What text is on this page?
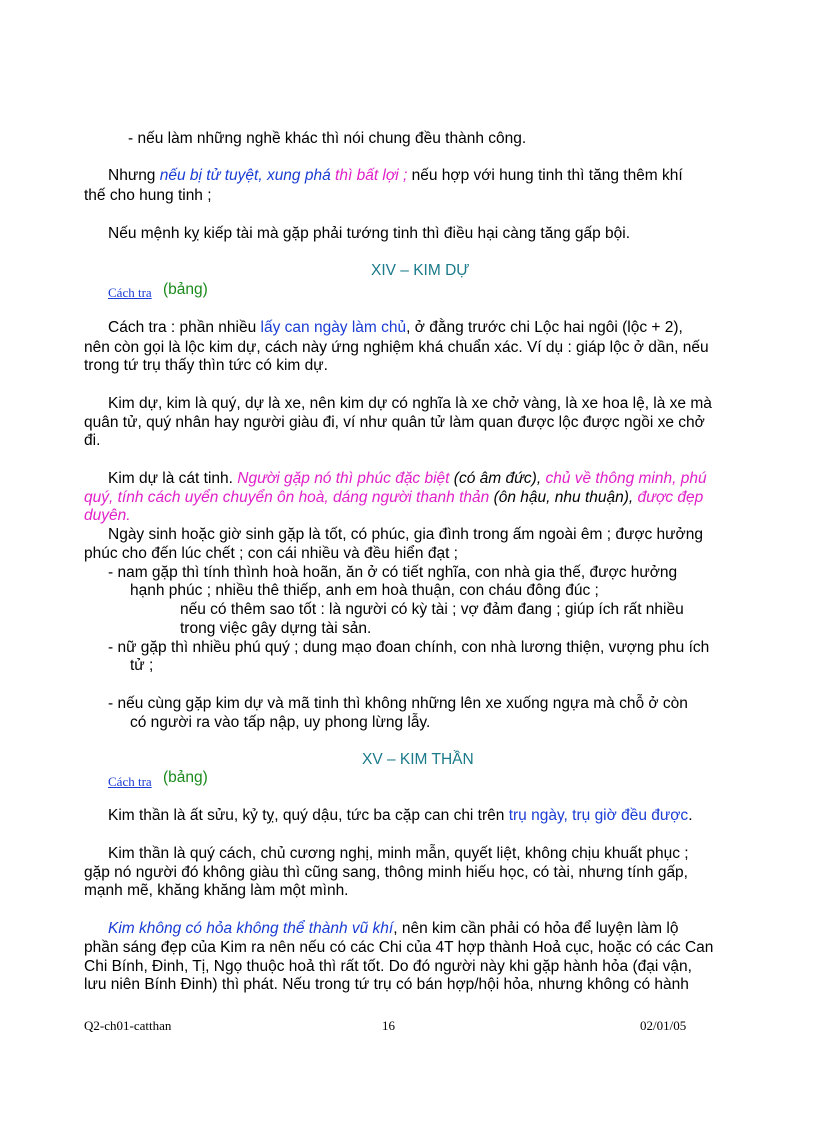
- nếu làm những nghề khác thì nói chung đều thành công.
Nhưng nếu bị tử tuyệt, xung phá thì bất lợi ; nếu hợp với hung tinh thì tăng thêm khí
thế cho hung tinh ;
Nếu mệnh kỵ kiếp tài mà gặp phải tướng tinh thì điều hại càng tăng gấp bội.
XIV – KIM DỰ
Cách tra (bảng)
Cách tra : phần nhiều lấy can ngày làm chủ, ở đằng trước chi Lộc hai ngôi (lộc + 2),
nên còn gọi là lộc kim dự, cách này ứng nghiệm khá chuẩn xác. Ví dụ : giáp lộc ở dần, nếu
trong tứ trụ thấy thìn tức có kim dự.
Kim dự, kim là quý, dự là xe, nên kim dự có nghĩa là xe chở vàng, là xe hoa lệ, là xe mà
quân tử, quý nhân hay người giàu đi, ví như quân tử làm quan được lộc được ngồi xe chở
đi.
Kim dự là cát tinh. Người gặp nó thì phúc đặc biệt (có âm đức), chủ về thông minh, phú
quý, tính cách uyển chuyển ôn hoà, dáng người thanh thản (ôn hậu, nhu thuận), được đẹp
duyên.
Ngày sinh hoặc giờ sinh gặp là tốt, có phúc, gia đình trong ấm ngoài êm ; được hưởng
phúc cho đến lúc chết ; con cái nhiều và đều hiển đạt ;
- nam gặp thì tính thình hoà hoãn, ăn ở có tiết nghĩa, con nhà gia thế, được hưởng
hạnh phúc ; nhiều thê thiếp, anh em hoà thuận, con cháu đông đúc ;
nếu có thêm sao tốt : là người có kỳ tài ; vợ đảm đang ; giúp ích rất nhiều
trong việc gây dựng tài sản.
- nữ gặp thì nhiều phú quý ; dung mạo đoan chính, con nhà lương thiện, vượng phu ích
tử ;
- nếu cùng gặp kim dự và mã tinh thì không những lên xe xuống ngựa mà chỗ ở còn
có người ra vào tấp nập, uy phong lừng lẫy.
XV – KIM THẦN
Cách tra (bảng)
Kim thần là ất sửu, kỷ tỵ, quý dậu, tức ba cặp can chi trên trụ ngày, trụ giờ đều được.
Kim thần là quý cách, chủ cương nghị, minh mẫn, quyết liệt, không chịu khuất phục ;
gặp nó người đó không giàu thì cũng sang, thông minh hiếu học, có tài, nhưng tính gấp,
mạnh mẽ, khăng khăng làm một mình.
Kim không có hỏa không thể thành vũ khí, nên kim cần phải có hỏa để luyện làm lộ
phần sáng đẹp của Kim ra nên nếu có các Chi của 4T hợp thành Hoả cục, hoặc có các Can
Chi Bính, Đinh, Tị, Ngọ thuộc hoả thì rất tốt. Do đó người này khi gặp hành hỏa (đại vận,
lưu niên Bính Đinh) thì phát. Nếu trong tứ trụ có bán hợp/hội hỏa, nhưng không có hành
Q2-ch01-catthan	16	02/01/05
